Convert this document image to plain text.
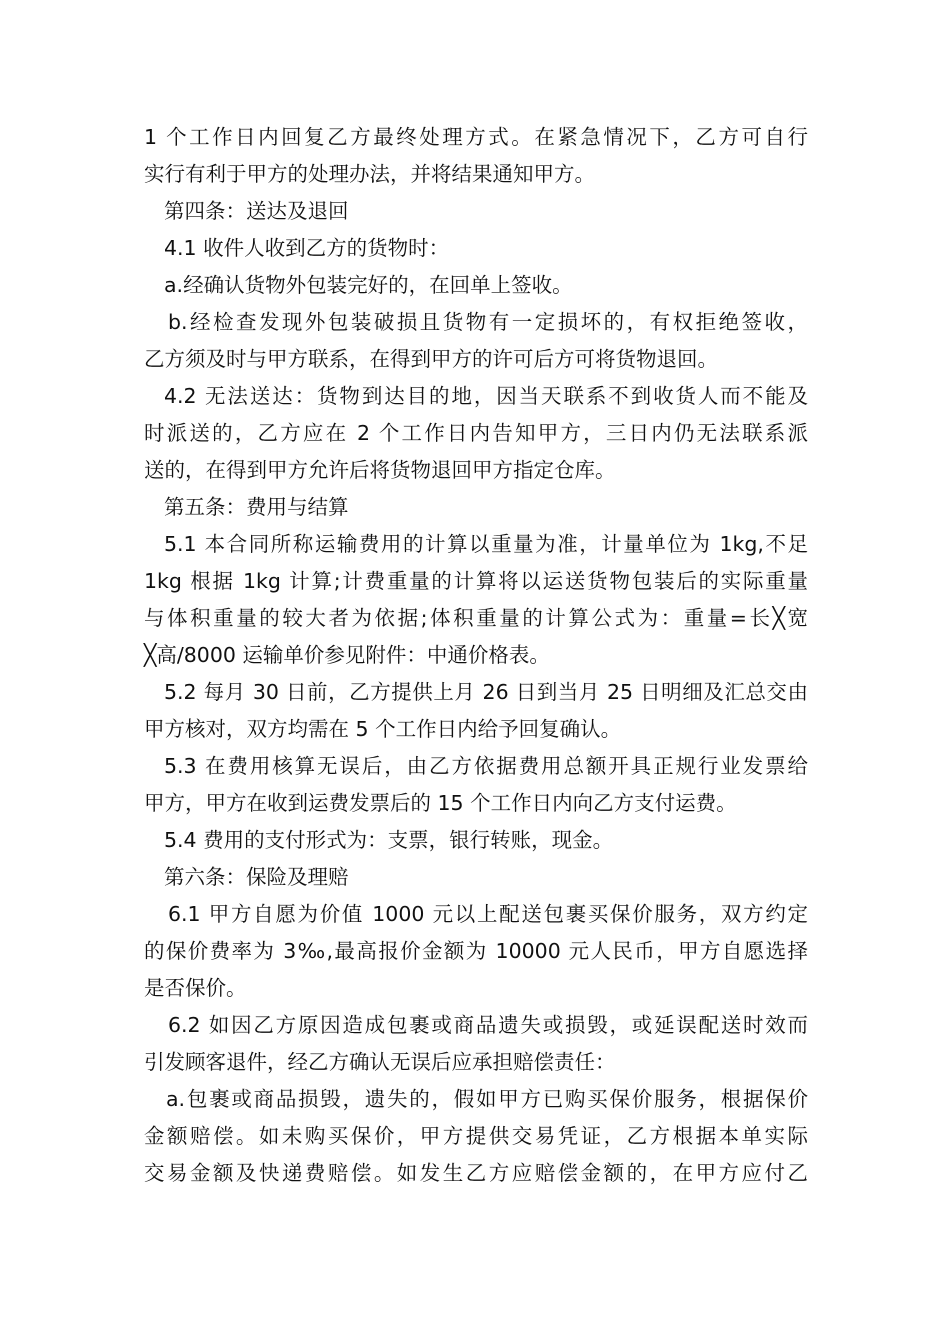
1 个工作日内回复乙方最终处理方式。在紧急情况下，乙方可自行
实行有利于甲方的处理办法，并将结果通知甲方。
第四条：送达及退回
4.1 收件人收到乙方的货物时：
a.经确认货物外包装完好的，在回单上签收。
b.经检查发现外包装破损且货物有一定损坏的，有权拒绝签收，
乙方须及时与甲方联系，在得到甲方的许可后方可将货物退回。
4.2 无法送达：货物到达目的地，因当天联系不到收货人而不能及
时派送的，乙方应在 2 个工作日内告知甲方，三日内仍无法联系派
送的，在得到甲方允许后将货物退回甲方指定仓库。
第五条：费用与结算
5.1 本合同所称运输费用的计算以重量为准，计量单位为 1kg,不足
1kg 根据 1kg 计算;计费重量的计算将以运送货物包装后的实际重量
与体积重量的较大者为依据;体积重量的计算公式为：重量=长╳宽
╳高/8000 运输单价参见附件：中通价格表。
5.2 每月 30 日前，乙方提供上月 26 日到当月 25 日明细及汇总交由
甲方核对，双方均需在 5 个工作日内给予回复确认。
5.3 在费用核算无误后，由乙方依据费用总额开具正规行业发票给
甲方，甲方在收到运费发票后的 15 个工作日内向乙方支付运费。
5.4 费用的支付形式为：支票，银行转账，现金。
第六条：保险及理赔
6.1 甲方自愿为价值 1000 元以上配送包裹买保价服务，双方约定
的保价费率为 3‰,最高报价金额为 10000 元人民币，甲方自愿选择
是否保价。
6.2 如因乙方原因造成包裹或商品遗失或损毁，或延误配送时效而
引发顾客退件，经乙方确认无误后应承担赔偿责任：
a.包裹或商品损毁，遗失的，假如甲方已购买保价服务，根据保价
金额赔偿。如未购买保价，甲方提供交易凭证，乙方根据本单实际
交易金额及快递费赔偿。如发生乙方应赔偿金额的，在甲方应付乙
